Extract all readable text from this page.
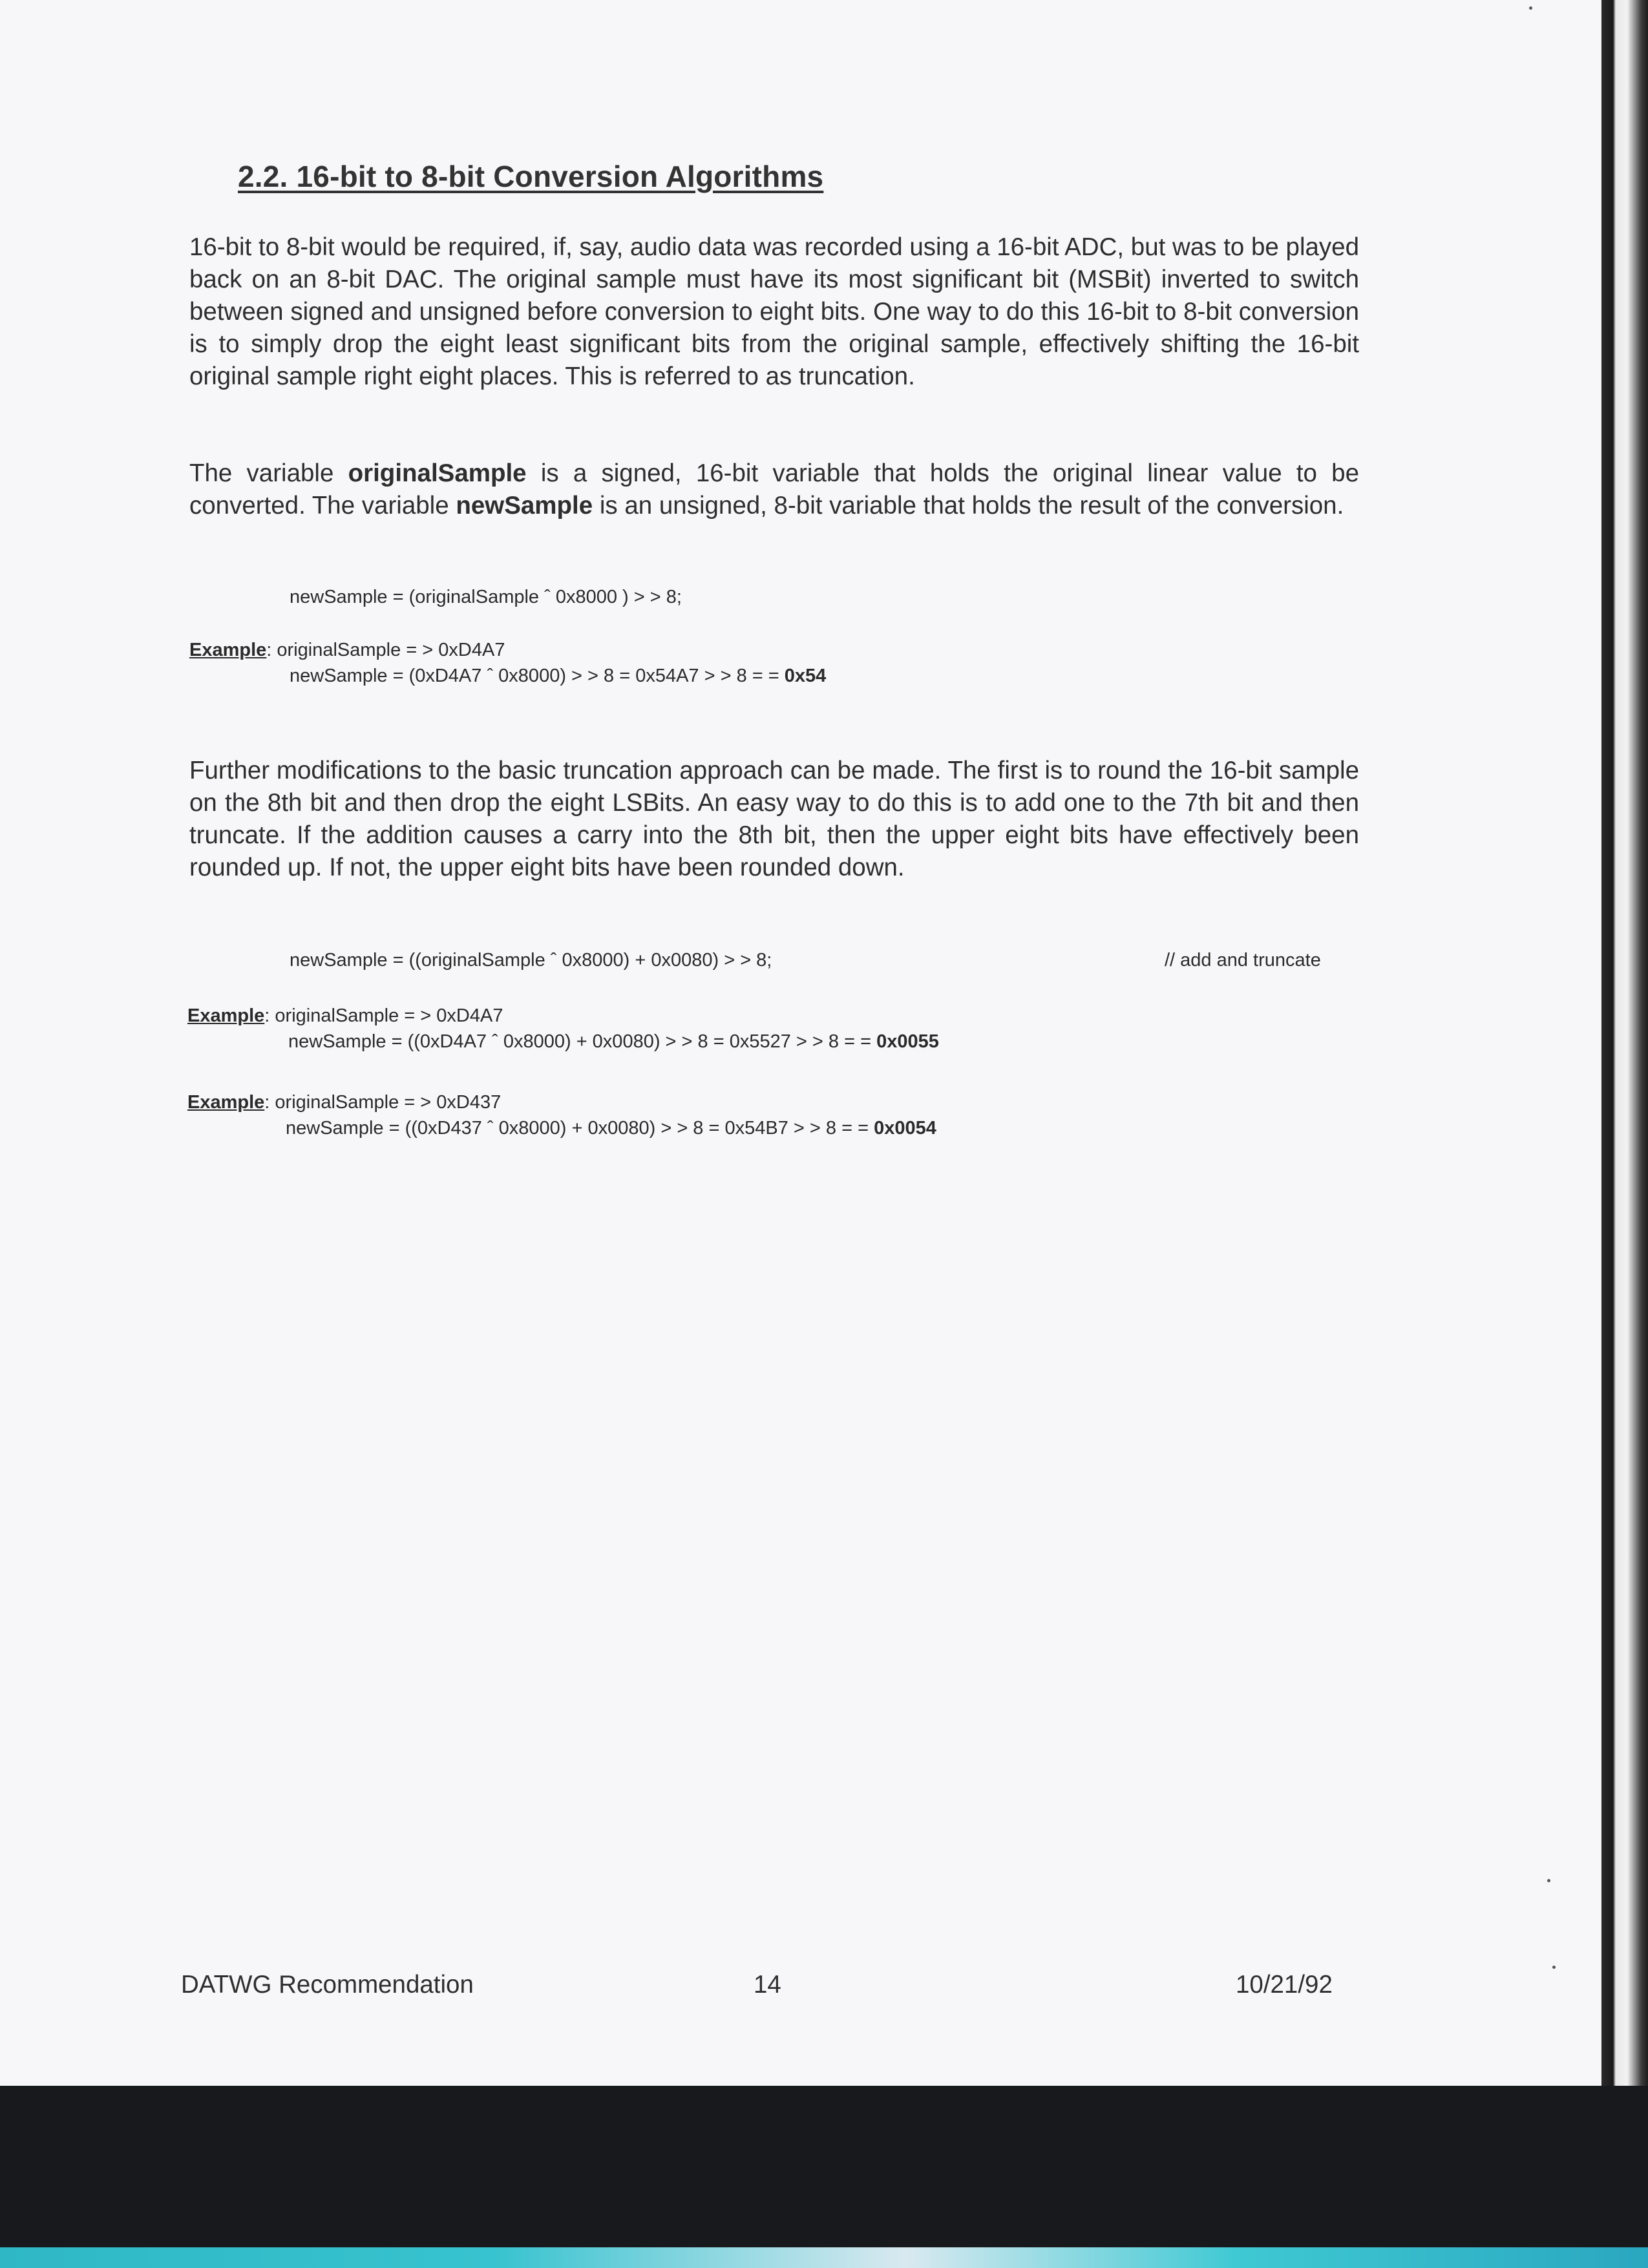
2.2. 16-bit to 8-bit Conversion Algorithms

16-bit to 8-bit would be required, if, say, audio data was recorded using a 16-bit ADC, but was to be played back on an 8-bit DAC. The original sample must have its most significant bit (MSBit) inverted to switch between signed and unsigned before conversion to eight bits. One way to do this 16-bit to 8-bit conversion is to simply drop the eight least significant bits from the original sample, effectively shifting the 16-bit original sample right eight places. This is referred to as truncation.

The variable originalSample is a signed, 16-bit variable that holds the original linear value to be converted. The variable newSample is an unsigned, 8-bit variable that holds the result of the conversion.

newSample = (originalSample ˆ 0x8000 ) > > 8;
Example: originalSample = > 0xD4A7
newSample = (0xD4A7 ˆ 0x8000) > > 8 = 0x54A7 > > 8 = = 0x54

Further modifications to the basic truncation approach can be made. The first is to round the 16-bit sample on the 8th bit and then drop the eight LSBits. An easy way to do this is to add one to the 7th bit and then truncate. If the addition causes a carry into the 8th bit, then the upper eight bits have effectively been rounded up. If not, the upper eight bits have been rounded down.

newSample = ((originalSample ˆ 0x8000) + 0x0080) > > 8;	// add and truncate
Example: originalSample = > 0xD4A7
newSample = ((0xD4A7 ˆ 0x8000) + 0x0080) > > 8 = 0x5527 > > 8 = = 0x0055
Example: originalSample = > 0xD437
newSample = ((0xD437 ˆ 0x8000) + 0x0080) > > 8 = 0x54B7 > > 8 = = 0x0054
DATWG Recommendation	14	10/21/92
